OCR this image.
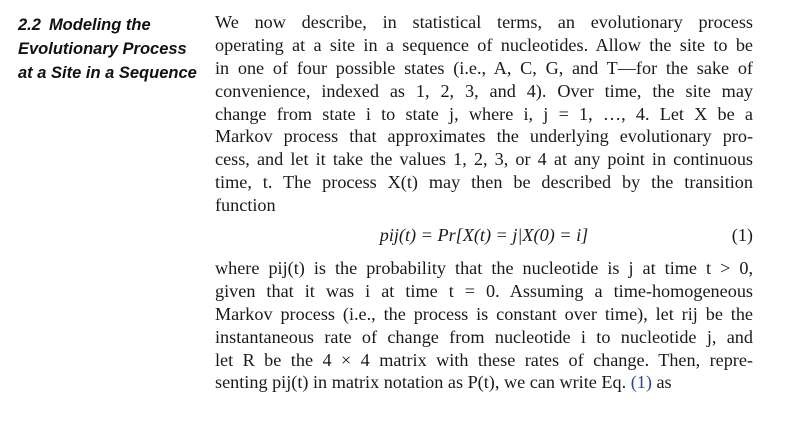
2.2 Modeling the
Evolutionary Process
at a Site in a Sequence
We now describe, in statistical terms, an evolutionary process
operating at a site in a sequence of nucleotides. Allow the site to be
in one of four possible states (i.e., A, C, G, and T—for the sake of
convenience, indexed as 1, 2, 3, and 4). Over time, the site may
change from state i to state j, where i, j = 1, …, 4. Let X be a
Markov process that approximates the underlying evolutionary pro-
cess, and let it take the values 1, 2, 3, or 4 at any point in continuous
time, t. The process X(t) may then be described by the transition
function
pij(t) = Pr[X(t) = j|X(0) = i]	(1)
where pij(t) is the probability that the nucleotide is j at time t > 0,
given that it was i at time t = 0. Assuming a time-homogeneous
Markov process (i.e., the process is constant over time), let rij be the
instantaneous rate of change from nucleotide i to nucleotide j, and
let R be the 4 × 4 matrix with these rates of change. Then, repre-
senting pij(t) in matrix notation as P(t), we can write Eq. (1) as
